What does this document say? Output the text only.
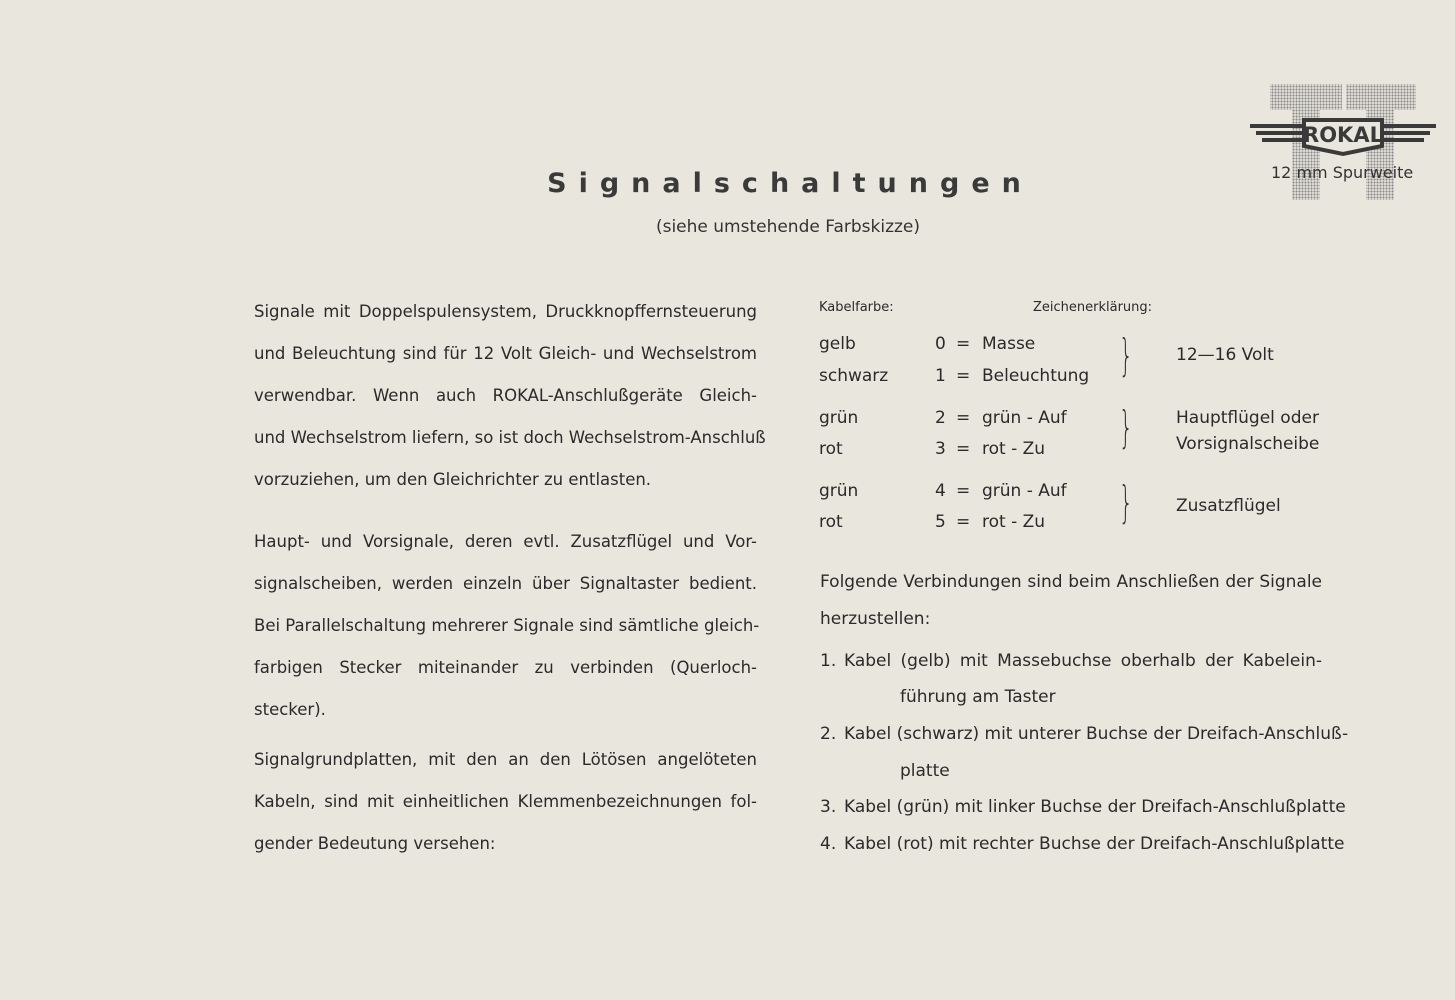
ROKAL
12 mm Spurweite
Signalschaltungen
(siehe umstehende Farbskizze)
Signale mit Doppelspulensystem, Druckknopffernsteuerung
und Beleuchtung sind für 12 Volt Gleich- und Wechselstrom
verwendbar. Wenn auch ROKAL-Anschlußgeräte Gleich-
und Wechselstrom liefern, so ist doch Wechselstrom-Anschluß
vorzuziehen, um den Gleichrichter zu entlasten.
Haupt- und Vorsignale, deren evtl. Zusatzflügel und Vor-
signalscheiben, werden einzeln über Signaltaster bedient.
Bei Parallelschaltung mehrerer Signale sind sämtliche gleich-
farbigen Stecker miteinander zu verbinden (Querloch-
stecker).
Signalgrundplatten, mit den an den Lötösen angelöteten
Kabeln, sind mit einheitlichen Klemmenbezeichnungen fol-
gender Bedeutung versehen:
Kabelfarbe:	Zeichenerklärung:
gelb	0 = Masse
schwarz	1 = Beleuchtung }	12—16 Volt
grün	2 = grün - Auf
rot	3 = rot - Zu }	Hauptflügel oder
Vorsignalscheibe
grün	4 = grün - Auf
rot	5 = rot - Zu }	Zusatzflügel
Folgende Verbindungen sind beim Anschließen der Signale
herzustellen:
1. Kabel (gelb) mit Massebuchse oberhalb der Kabelein-
führung am Taster
2. Kabel (schwarz) mit unterer Buchse der Dreifach-Anschluß-
platte
3. Kabel (grün) mit linker Buchse der Dreifach-Anschlußplatte
4. Kabel (rot) mit rechter Buchse der Dreifach-Anschlußplatte
